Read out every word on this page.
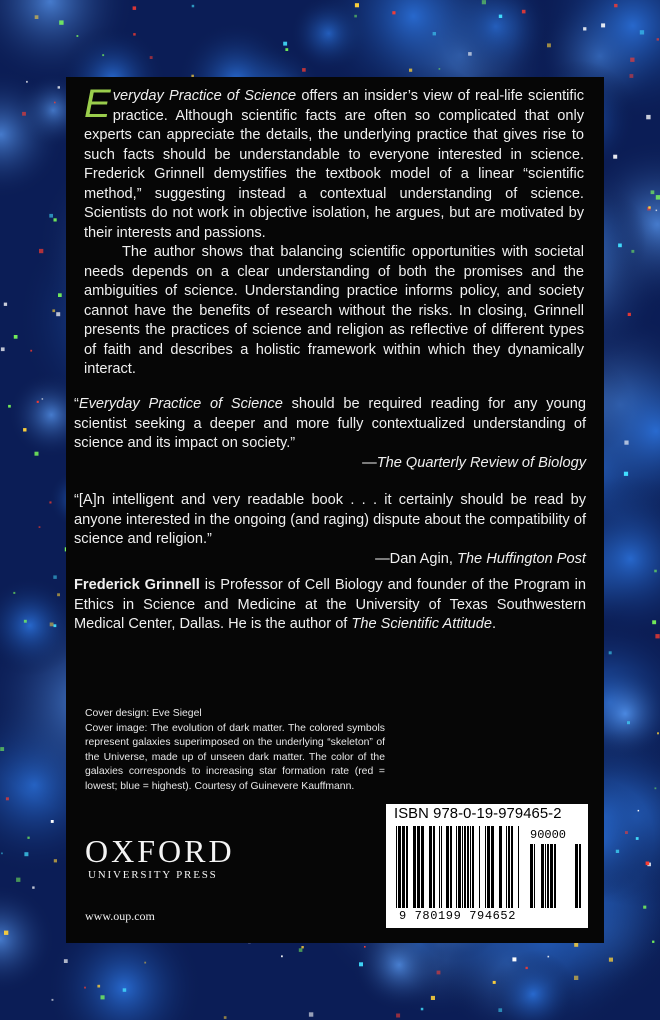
Everyday Practice of Science offers an insider’s view of real-life scientific practice. Although scientific facts are often so complicated that only experts can appreciate the details, the underlying practice that gives rise to such facts should be understandable to everyone interested in science. Frederick Grinnell demystifies the textbook model of a linear “scientific method,” suggesting instead a contextual understanding of science. Scientists do not work in objective isolation, he argues, but are motivated by their interests and passions.

The author shows that balancing scientific opportunities with societal needs depends on a clear understanding of both the promises and the ambiguities of science. Understanding practice informs policy, and society cannot have the benefits of research without the risks. In closing, Grinnell presents the practices of science and religion as reflective of different types of faith and describes a holistic framework within which they dynamically interact.

“Everyday Practice of Science should be required reading for any young scientist seeking a deeper and more fully contextualized understanding of science and its impact on society.”

—The Quarterly Review of Biology

“[A]n intelligent and very readable book . . . it certainly should be read by anyone interested in the ongoing (and raging) dispute about the compatibility of science and religion.”

—Dan Agin, The Huffington Post

Frederick Grinnell is Professor of Cell Biology and founder of the Program in Ethics in Science and Medicine at the University of Texas Southwestern Medical Center, Dallas. He is the author of The Scientific Attitude.

Cover design: Eve Siegel

Cover image: The evolution of dark matter. The colored symbols represent galaxies superimposed on the underlying “skeleton” of the Universe, made up of unseen dark matter. The color of the galaxies corresponds to increasing star formation rate (red = lowest; blue = highest). Courtesy of Guinevere Kauffmann.

OXFORD
UNIVERSITY PRESS
www.oup.com
ISBN 978-0-19-979465-2
90000
9 780199 794652
